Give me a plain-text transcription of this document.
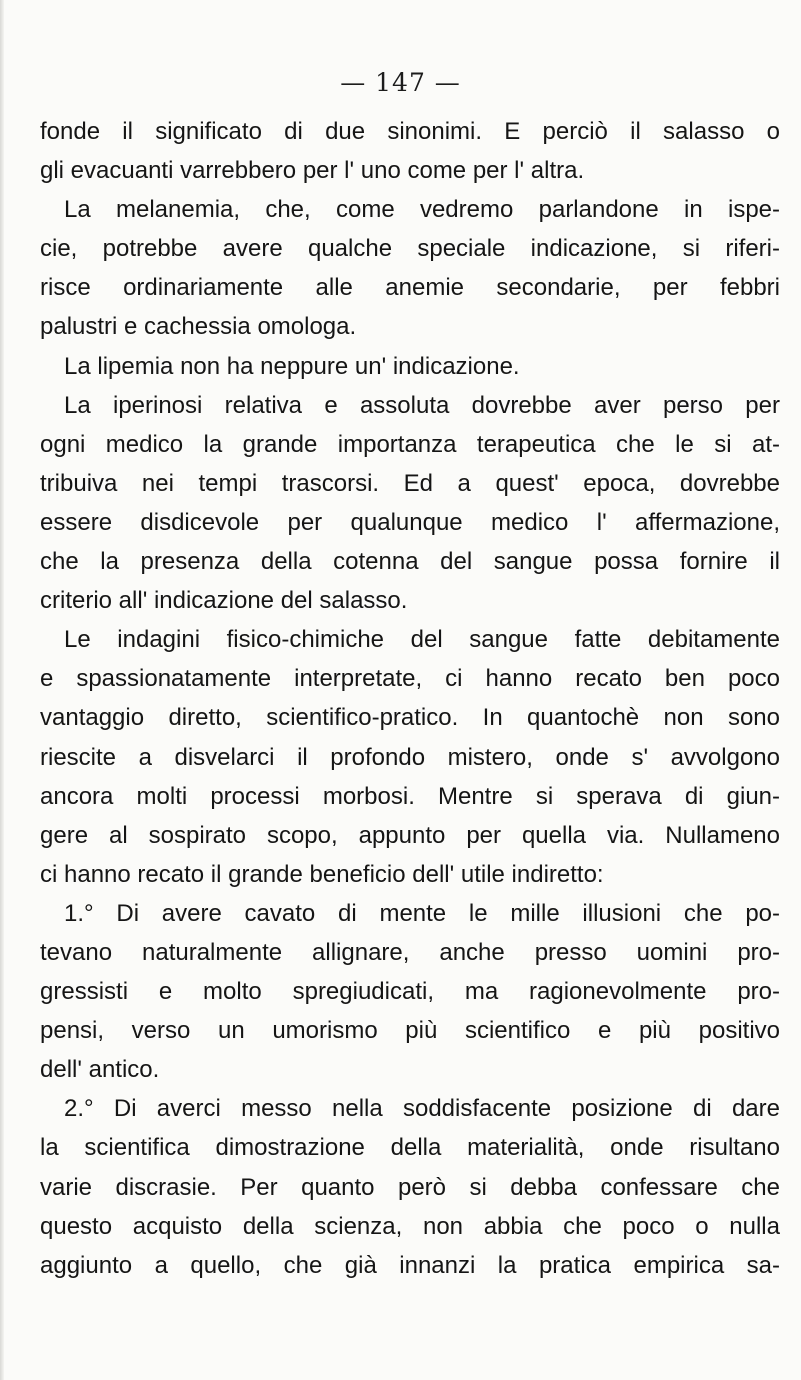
— 147 —
fonde il significato di due sinonimi. E perciò il salasso o
gli evacuanti varrebbero per l' uno come per l' altra.
La melanemia, che, come vedremo parlandone in ispe-
cie, potrebbe avere qualche speciale indicazione, si riferi-
risce ordinariamente alle anemie secondarie, per febbri
palustri e cachessia omologa.
La lipemia non ha neppure un' indicazione.
La iperinosi relativa e assoluta dovrebbe aver perso per
ogni medico la grande importanza terapeutica che le si at-
tribuiva nei tempi trascorsi. Ed a quest' epoca, dovrebbe
essere disdicevole per qualunque medico l' affermazione,
che la presenza della cotenna del sangue possa fornire il
criterio all' indicazione del salasso.
Le indagini fisico-chimiche del sangue fatte debitamente
e spassionatamente interpretate, ci hanno recato ben poco
vantaggio diretto, scientifico-pratico. In quantochè non sono
riescite a disvelarci il profondo mistero, onde s' avvolgono
ancora molti processi morbosi. Mentre si sperava di giun-
gere al sospirato scopo, appunto per quella via. Nullameno
ci hanno recato il grande beneficio dell' utile indiretto:
1.° Di avere cavato di mente le mille illusioni che po-
tevano naturalmente allignare, anche presso uomini pro-
gressisti e molto spregiudicati, ma ragionevolmente pro-
pensi, verso un umorismo più scientifico e più positivo
dell' antico.
2.° Di averci messo nella soddisfacente posizione di dare
la scientifica dimostrazione della materialità, onde risultano
varie discrasie. Per quanto però si debba confessare che
questo acquisto della scienza, non abbia che poco o nulla
aggiunto a quello, che già innanzi la pratica empirica sa-
